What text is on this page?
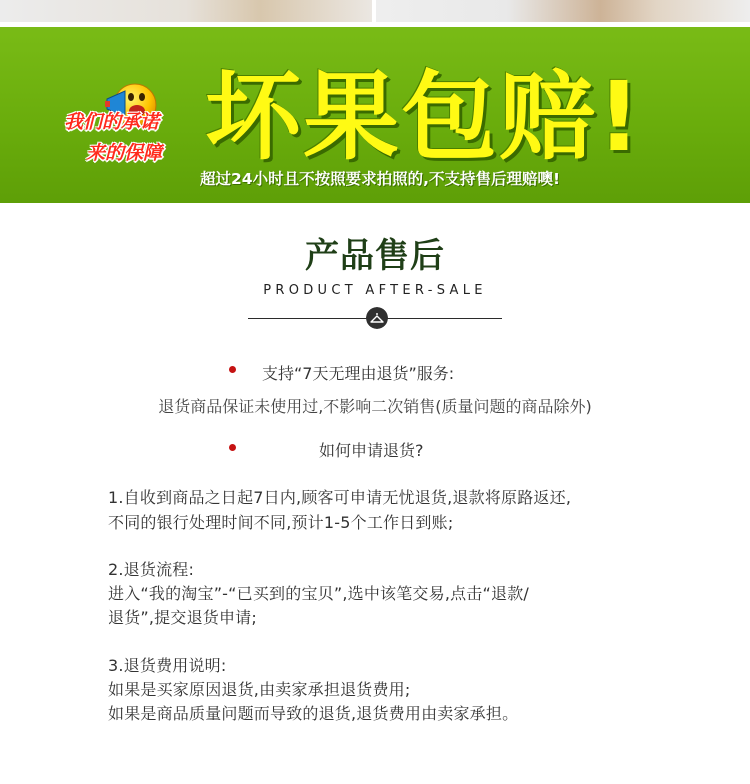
我们的承诺
来的保障 坏果包赔!
超过24小时且不按照要求拍照的,不支持售后理赔噢!
产品售后
PRODUCT AFTER-SALE
支持“7天无理由退货”服务:
退货商品保证未使用过,不影响二次销售(质量问题的商品除外)
如何申请退货?
1.自收到商品之日起7日内,顾客可申请无忧退货,退款将原路返还,
不同的银行处理时间不同,预计1-5个工作日到账;
2.退货流程:
进入“我的淘宝”-“已买到的宝贝”,选中该笔交易,点击“退款/
退货”,提交退货申请;
3.退货费用说明:
如果是买家原因退货,由卖家承担退货费用;
如果是商品质量问题而导致的退货,退货费用由卖家承担。
